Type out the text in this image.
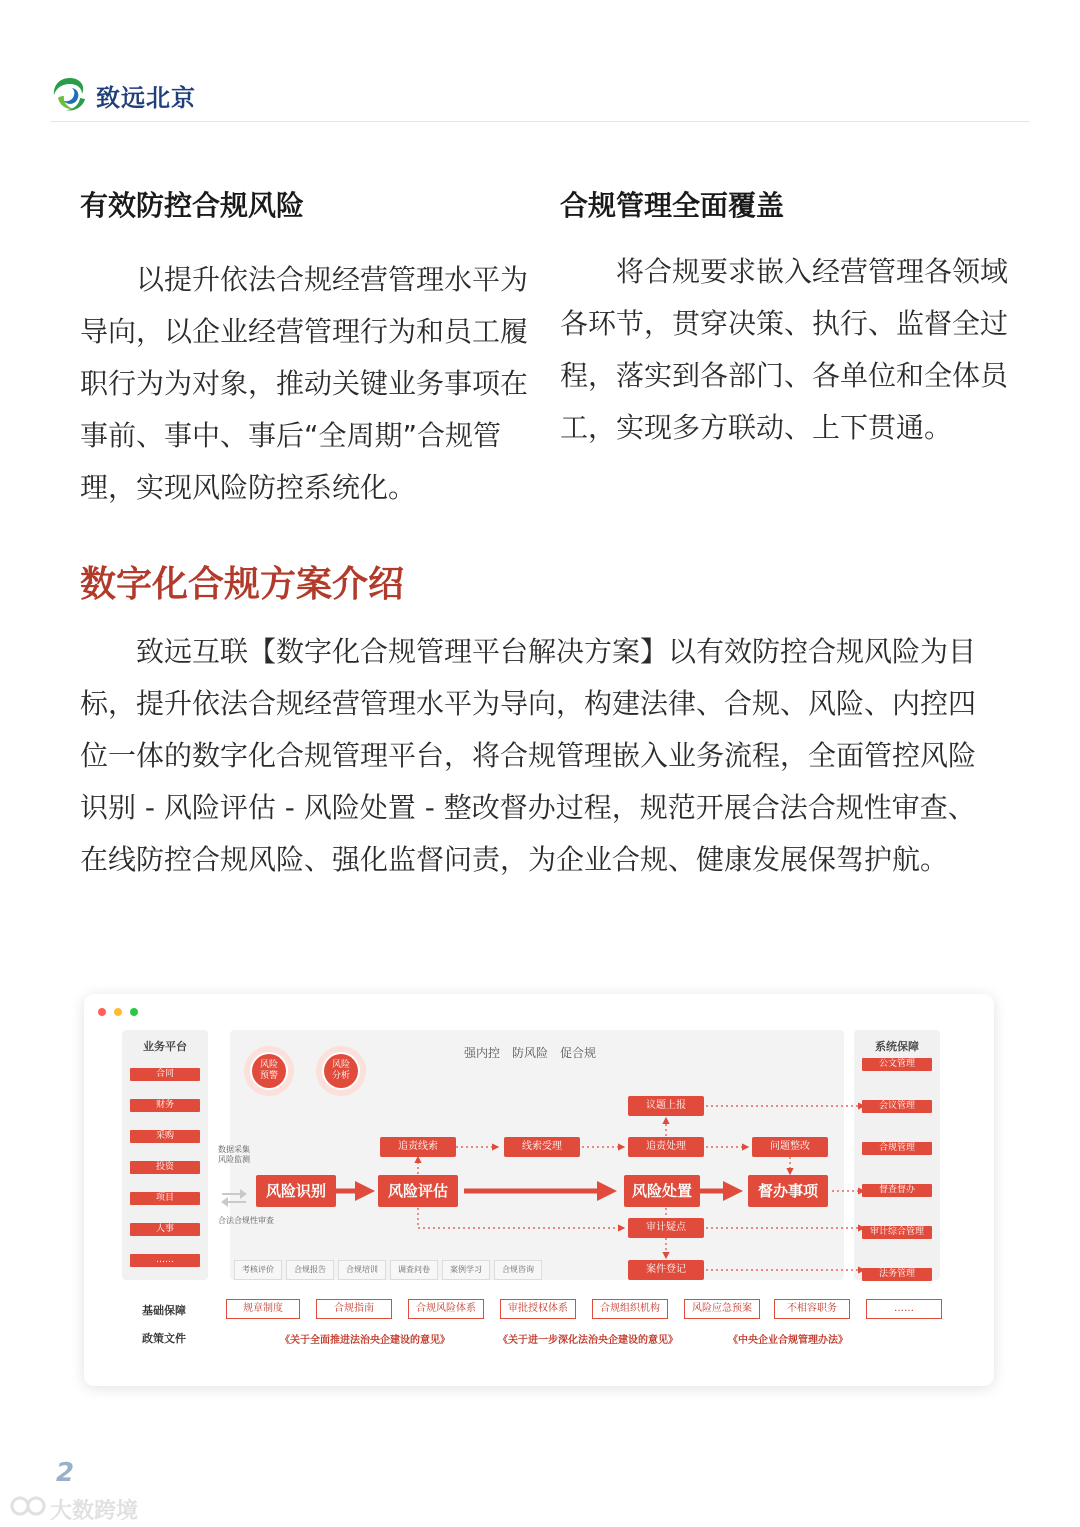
致远北京
有效防控合规风险
以提升依法合规经营管理水平为导向，以企业经营管理行为和员工履职行为为对象，推动关键业务事项在事前、事中、事后“全周期”合规管理，实现风险防控系统化。
合规管理全面覆盖
将合规要求嵌入经营管理各领域各环节，贯穿决策、执行、监督全过程，落实到各部门、各单位和全体员工，实现多方联动、上下贯通。
数字化合规方案介绍
致远互联【数字化合规管理平台解决方案】以有效防控合规风险为目标，提升依法合规经营管理水平为导向，构建法律、合规、风险、内控四位一体的数字化合规管理平台，将合规管理嵌入业务流程，全面管控风险识别 - 风险评估 - 风险处置 - 整改督办过程，规范开展合法合规性审查、在线防控合规风险、强化监督问责，为企业合规、健康发展保驾护航。
业务平台
合同
财务
采购
投资
项目
人事
……
强内控　防风险　促合规
风险
预警
风险
分析
系统保障
公文管理
会议管理
合规管理
督查督办
审计综合管理
法务管理
数据采集
风险监测
合法合规性审查
风险识别	风险评估	风险处置	督办事项
追责线索	线索受理	追责处理
议题上报
问题整改
审计疑点
案件登记
考核评价	合规报告	合规培训	调查问卷	案例学习	合规咨询
基础保障	规章制度	合规指南	合规风险体系	审批授权体系	合规组织机构	风险应急预案	不相容职务	……
政策文件	《关于全面推进法治央企建设的意见》	《关于进一步深化法治央企建设的意见》	《中央企业合规管理办法》
2
大数跨境
